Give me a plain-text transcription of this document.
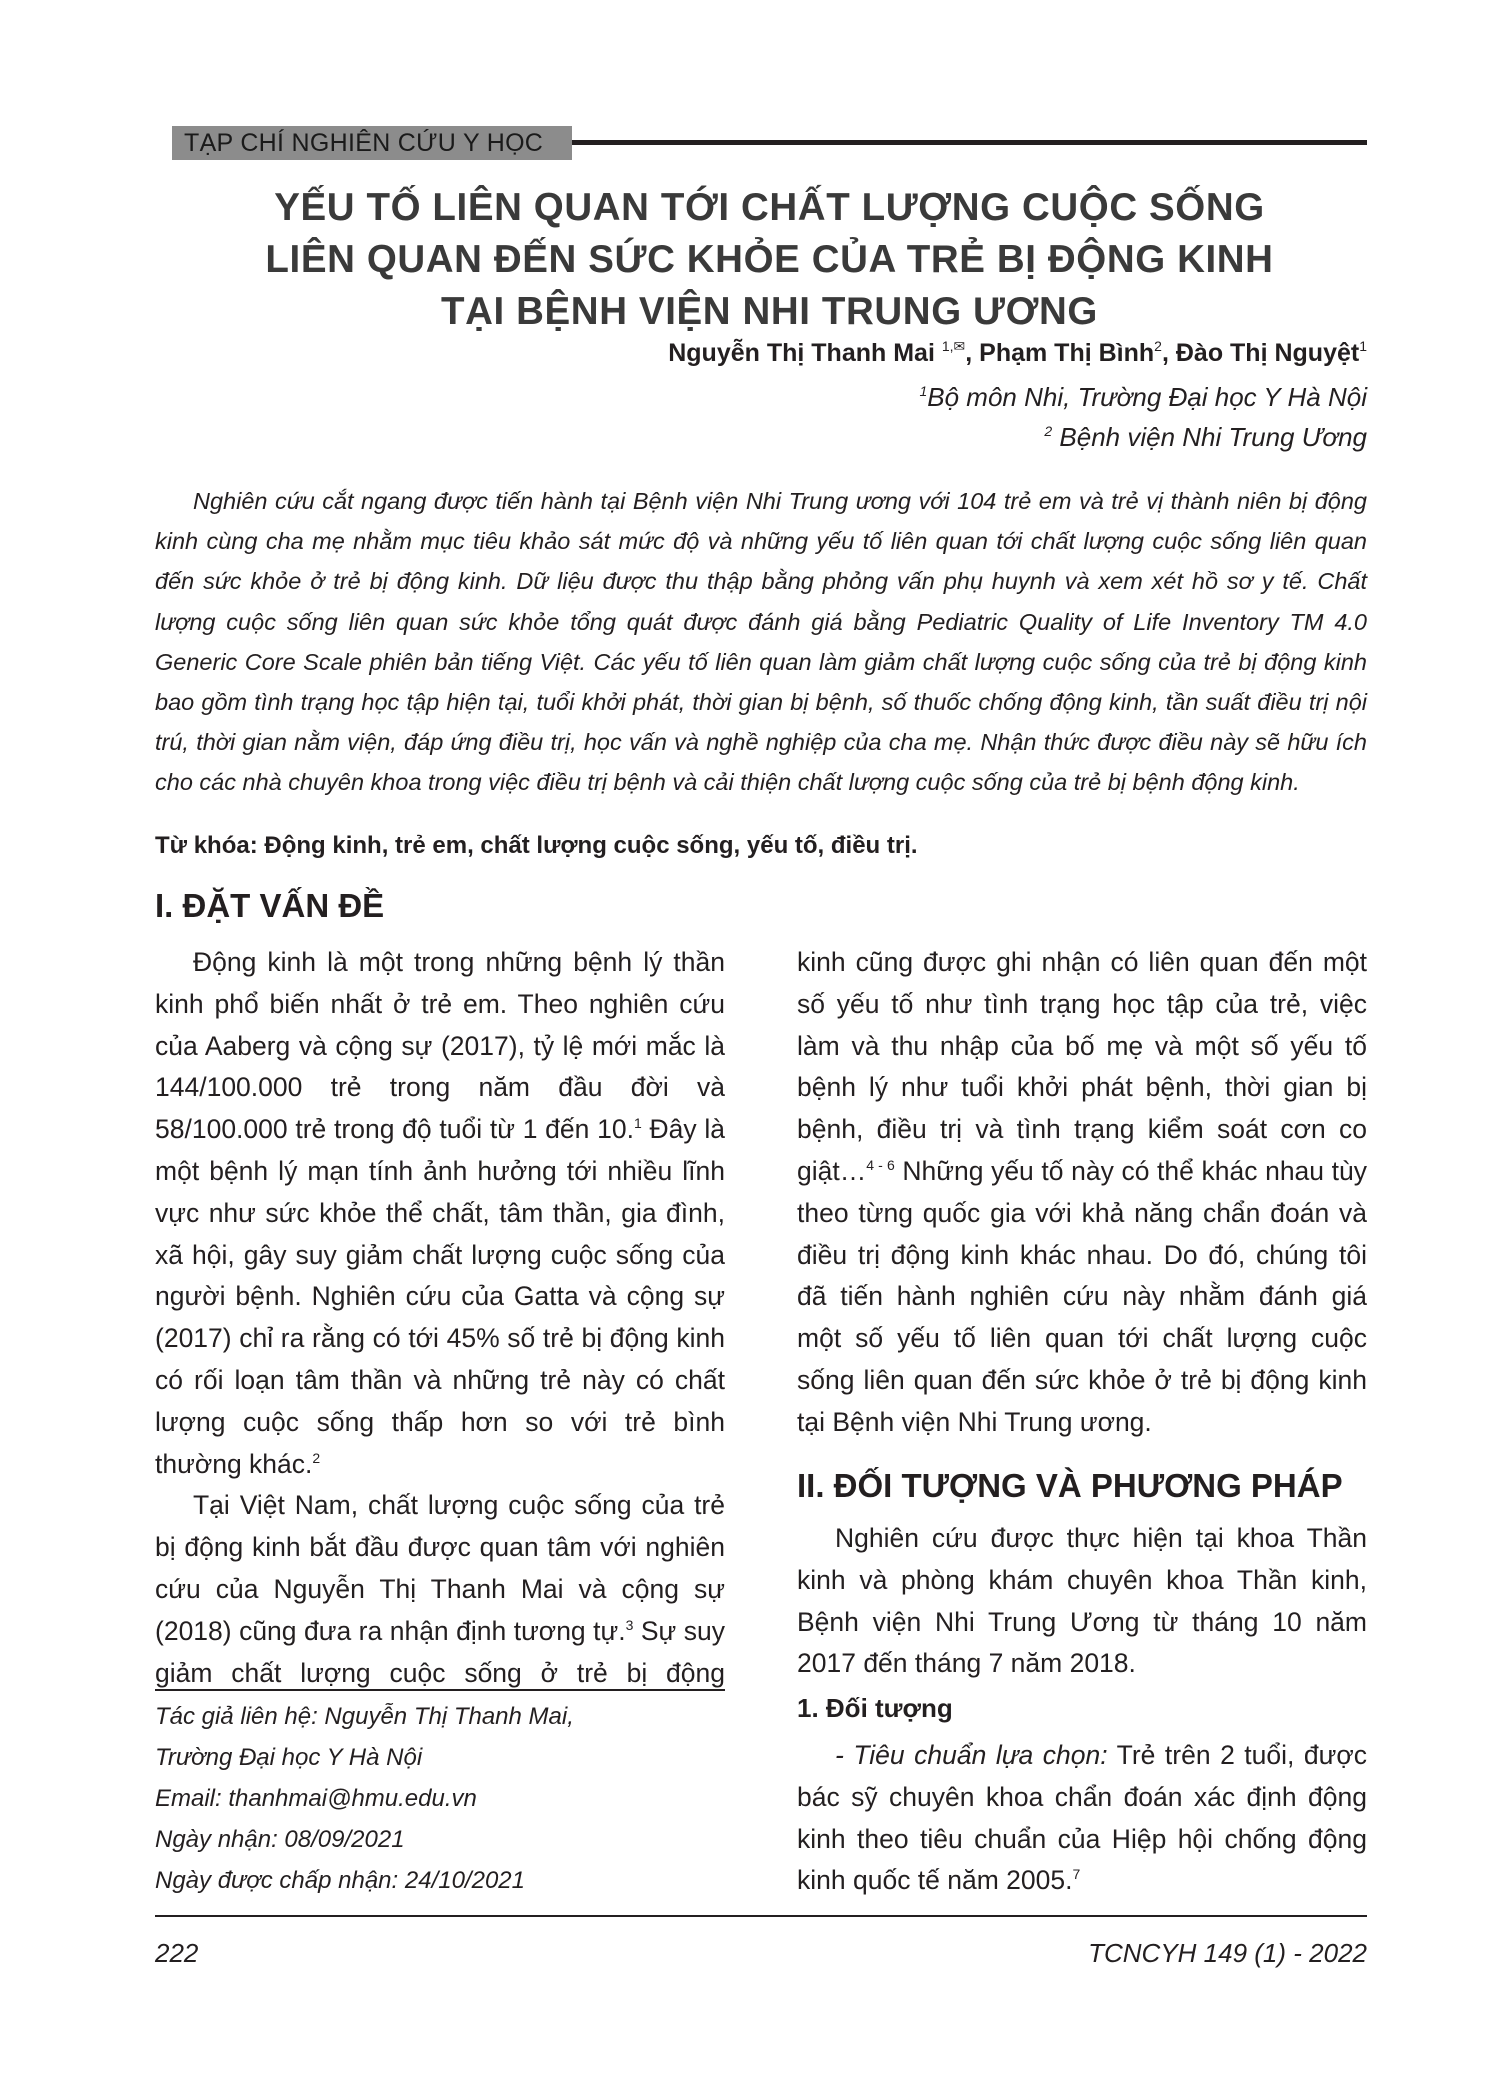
TẠP CHÍ NGHIÊN CỨU Y HỌC
YẾU TỐ LIÊN QUAN TỚI CHẤT LƯỢNG CUỘC SỐNG
LIÊN QUAN ĐẾN SỨC KHỎE CỦA TRẺ BỊ ĐỘNG KINH
TẠI BỆNH VIỆN NHI TRUNG ƯƠNG
Nguyễn Thị Thanh Mai $^{1,✉}$, Phạm Thị Bình$^2$, Đào Thị Nguyệt$^1$
$^1$Bộ môn Nhi, Trường Đại học Y Hà Nội
$^2$ Bệnh viện Nhi Trung Ương
Nghiên cứu cắt ngang được tiến hành tại Bệnh viện Nhi Trung ương với 104 trẻ em và trẻ vị thành niên bị động kinh cùng cha mẹ nhằm mục tiêu khảo sát mức độ và những yếu tố liên quan tới chất lượng cuộc sống liên quan đến sức khỏe ở trẻ bị động kinh. Dữ liệu được thu thập bằng phỏng vấn phụ huynh và xem xét hồ sơ y tế. Chất lượng cuộc sống liên quan sức khỏe tổng quát được đánh giá bằng Pediatric Quality of Life Inventory TM 4.0 Generic Core Scale phiên bản tiếng Việt. Các yếu tố liên quan làm giảm chất lượng cuộc sống của trẻ bị động kinh bao gồm tình trạng học tập hiện tại, tuổi khởi phát, thời gian bị bệnh, số thuốc chống động kinh, tần suất điều trị nội trú, thời gian nằm viện, đáp ứng điều trị, học vấn và nghề nghiệp của cha mẹ. Nhận thức được điều này sẽ hữu ích cho các nhà chuyên khoa trong việc điều trị bệnh và cải thiện chất lượng cuộc sống của trẻ bị bệnh động kinh.
Từ khóa: Động kinh, trẻ em, chất lượng cuộc sống, yếu tố, điều trị.
I. ĐẶT VẤN ĐỀ
Động kinh là một trong những bệnh lý thần kinh phổ biến nhất ở trẻ em. Theo nghiên cứu của Aaberg và cộng sự (2017), tỷ lệ mới mắc là 144/100.000 trẻ trong năm đầu đời và 58/100.000 trẻ trong độ tuổi từ 1 đến 10.$^1$ Đây là một bệnh lý mạn tính ảnh hưởng tới nhiều lĩnh vực như sức khỏe thể chất, tâm thần, gia đình, xã hội, gây suy giảm chất lượng cuộc sống của người bệnh. Nghiên cứu của Gatta và cộng sự (2017) chỉ ra rằng có tới 45% số trẻ bị động kinh có rối loạn tâm thần và những trẻ này có chất lượng cuộc sống thấp hơn so với trẻ bình thường khác.$^2$
Tại Việt Nam, chất lượng cuộc sống của trẻ bị động kinh bắt đầu được quan tâm với nghiên cứu của Nguyễn Thị Thanh Mai và cộng sự (2018) cũng đưa ra nhận định tương tự.$^3$ Sự suy giảm chất lượng cuộc sống ở trẻ bị động
Tác giả liên hệ: Nguyễn Thị Thanh Mai,
Trường Đại học Y Hà Nội
Email: thanhmai@hmu.edu.vn
Ngày nhận: 08/09/2021
Ngày được chấp nhận: 24/10/2021
kinh cũng được ghi nhận có liên quan đến một số yếu tố như tình trạng học tập của trẻ, việc làm và thu nhập của bố mẹ và một số yếu tố bệnh lý như tuổi khởi phát bệnh, thời gian bị bệnh, điều trị và tình trạng kiểm soát cơn co giật…$^{4 - 6}$ Những yếu tố này có thể khác nhau tùy theo từng quốc gia với khả năng chẩn đoán và điều trị động kinh khác nhau. Do đó, chúng tôi đã tiến hành nghiên cứu này nhằm đánh giá một số yếu tố liên quan tới chất lượng cuộc sống liên quan đến sức khỏe ở trẻ bị động kinh tại Bệnh viện Nhi Trung ương.
II. ĐỐI TƯỢNG VÀ PHƯƠNG PHÁP
Nghiên cứu được thực hiện tại khoa Thần kinh và phòng khám chuyên khoa Thần kinh, Bệnh viện Nhi Trung Ương từ tháng 10 năm 2017 đến tháng 7 năm 2018.
1. Đối tượng
- Tiêu chuẩn lựa chọn: Trẻ trên 2 tuổi, được bác sỹ chuyên khoa chẩn đoán xác định động kinh theo tiêu chuẩn của Hiệp hội chống động kinh quốc tế năm 2005.$^7$
222	TCNCYH 149 (1) - 2022
